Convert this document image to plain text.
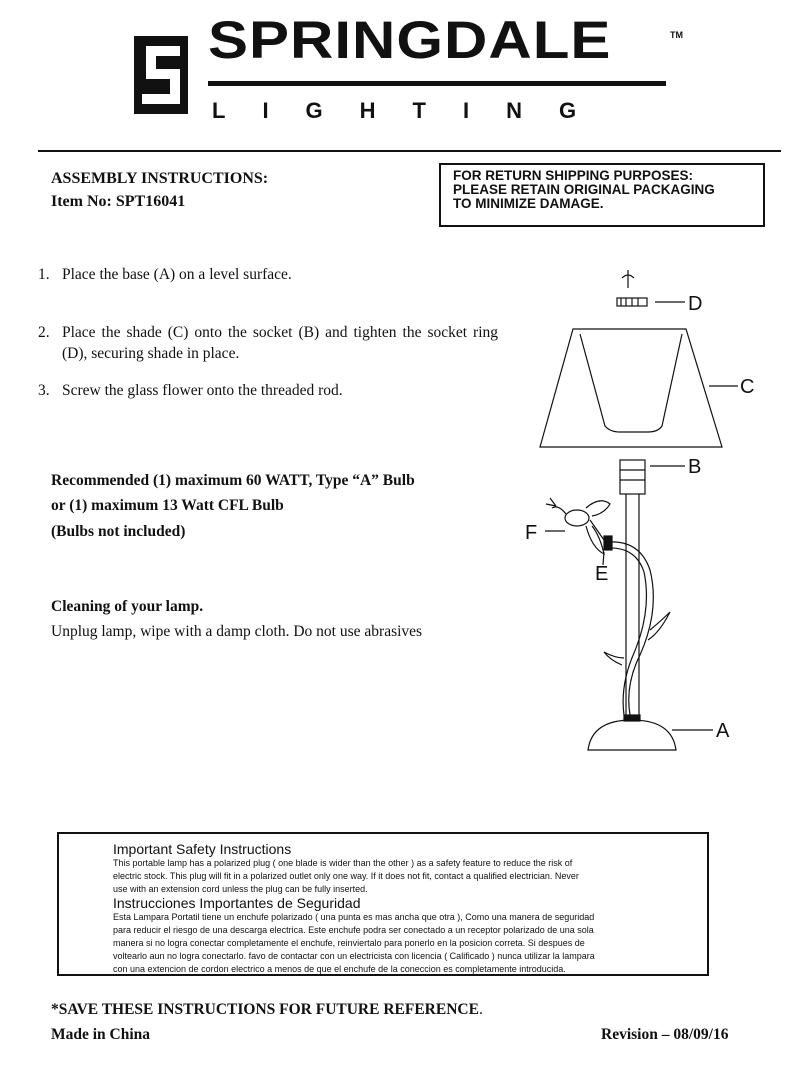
SPRINGDALE	TM
LIGHTING
ASSEMBLY INSTRUCTIONS:
Item No: SPT16041
FOR RETURN SHIPPING PURPOSES:
PLEASE RETAIN ORIGINAL PACKAGING
TO MINIMIZE DAMAGE.
1. Place the base (A) on a level surface.
2. Place the shade (C) onto the socket (B) and tighten the socket ring (D), securing shade in place.
3. Screw the glass flower onto the threaded rod.
Recommended (1) maximum 60 WATT, Type “A” Bulb
or (1) maximum 13 Watt CFL Bulb
(Bulbs not included)
Cleaning of your lamp.
Unplug lamp, wipe with a damp cloth. Do not use abrasives
D
C
B
F
E
A
Important Safety Instructions
This portable lamp has a polarized plug ( one blade is wider than the other ) as a safety feature to reduce the risk of
electric stock. This plug will fit in a polarized outlet only one way. If it does not fit, contact a qualified electrician. Never
use with an extension cord unless the plug can be fully inserted.
Instrucciones Importantes de Seguridad
Esta Lampara Portatil tiene un enchufe polarizado ( una punta es mas ancha que otra ), Como una manera de seguridad
para reducir el riesgo de una descarga electrica. Este enchufe podra ser conectado a un receptor polarizado de una sola
manera si no logra conectar completamente el enchufe, reinviertalo para ponerlo en la posicion correta. Si despues de
voltearlo aun no logra conectarlo. favo de contactar con un electricista con licencia ( Calificado ) nunca utilizar la lampara
con una extencion de cordon electrico a menos de que el enchufe de la coneccion es completamente introducida.
*SAVE THESE INSTRUCTIONS FOR FUTURE REFERENCE.
Made in China	Revision – 08/09/16
